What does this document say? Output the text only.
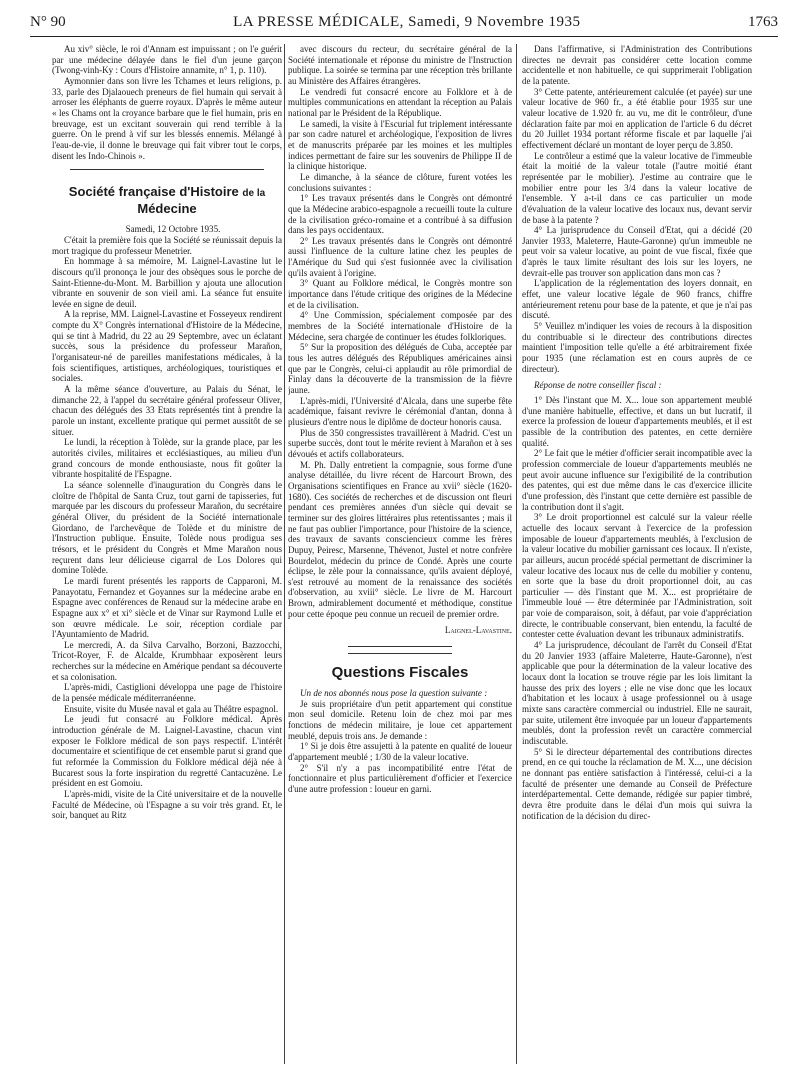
N° 90	LA PRESSE MÉDICALE, Samedi, 9 Novembre 1935	1763

Au xiv° siècle, le roi d'Annam est impuissant ; on l'e guérit par une médecine délayée dans le fiel d'un jeune garçon (Twong-vinh-Ky : Cours d'Histoire annamite, n° 1, p. 110).

Aymonnier dans son livre les Tchames et leurs religions, p. 33, parle des Djalaouech preneurs de fiel humain qui servait à arroser les éléphants de guerre royaux. D'après le même auteur « les Chams ont la croyance barbare que le fiel humain, pris en breuvage, est un excitant souverain qui rend terrible à la guerre. On le prend à vif sur les blessés ennemis. Mélangé à l'eau-de-vie, il donne le breuvage qui fait vibrer tout le corps, disent les Indo-Chinois ».

Société française d'Histoire de la Médecine

Samedi, 12 Octobre 1935.

C'était la première fois que la Société se réunissait depuis la mort tragique du professeur Menetrier.

En hommage à sa mémoire, M. Laignel-Lavastine lut le discours qu'il prononça le jour des obsèques sous le porche de Saint-Etienne-du-Mont. M. Barbillion y ajouta une allocution vibrante en souvenir de son vieil ami. La séance fut ensuite levée en signe de deuil.

A la reprise, MM. Laignel-Lavastine et Fosseyeux rendirent compte du X° Congrès international d'Histoire de la Médecine, qui se tint à Madrid, du 22 au 29 Septembre, avec un éclatant succès, sous la présidence du professeur Marañon, l'organisateur-né de pareilles manifestations médicales, à la fois scientifiques, artistiques, archéologiques, touristiques et sociales.

A la même séance d'ouverture, au Palais du Sénat, le dimanche 22, à l'appel du secrétaire général professeur Oliver, chacun des délégués des 33 Etats représentés tint à prendre la parole un instant, excellente pratique qui permet aussitôt de se situer.

Le lundi, la réception à Tolède, sur la grande place, par les autorités civiles, militaires et ecclésiastiques, au milieu d'un grand concours de monde enthousiaste, nous fit goûter la vibrante hospitalité de l'Espagne.

La séance solennelle d'inauguration du Congrès dans le cloître de l'hôpital de Santa Cruz, tout garni de tapisseries, fut marquée par les discours du professeur Marañon, du secrétaire général Oliver, du président de la Société internationale Giordano, de l'archevêque de Tolède et du ministre de l'Instruction publique. Ensuite, Tolède nous prodigua ses trésors, et le président du Congrès et Mme Marañon nous reçurent dans leur délicieuse cigarral de Los Dolores qui domine Tolède.

Le mardi furent présentés les rapports de Capparoni, M. Panayotatu, Fernandez et Goyannes sur la médecine arabe en Espagne avec conférences de Renaud sur la médecine arabe en Espagne aux x° et xi° siècle et de Vinar sur Raymond Lulle et son œuvre médicale. Le soir, réception cordiale par l'Ayuntamiento de Madrid.

Le mercredi, A. da Silva Carvalho, Borzoni, Bazzocchi, Tricot-Royer, F. de Alcalde, Krumbhaar exposèrent leurs recherches sur la médecine en Amérique pendant sa découverte et sa colonisation.

L'après-midi, Castiglioni développa une page de l'histoire de la pensée médicale méditerranéenne.

Ensuite, visite du Musée naval et gala au Théâtre espagnol.

Le jeudi fut consacré au Folklore médical. Après introduction générale de M. Laignel-Lavastine, chacun vint exposer le Folklore médical de son pays respectif. L'intérêt documentaire et scientifique de cet ensemble parut si grand que fut reformée la Commission du Folklore médical déjà née à Bucarest sous la forte inspiration du regretté Cantacuzène. Le président en est Gomoiu.

L'après-midi, visite de la Cité universitaire et de la nouvelle Faculté de Médecine, où l'Espagne a su voir très grand. Et, le soir, banquet au Ritz

avec discours du recteur, du secrétaire général de la Société internationale et réponse du ministre de l'Instruction publique. La soirée se termina par une réception très brillante au Ministère des Affaires étrangères.

Le vendredi fut consacré encore au Folklore et à de multiples communications en attendant la réception au Palais national par le Président de la République.

Le samedi, la visite à l'Escurial fut triplement intéressante par son cadre naturel et archéologique, l'exposition de livres et de manuscrits préparée par les moines et les multiples indices permettant de faire sur les souvenirs de Philippe II de la clinique historique.

Le dimanche, à la séance de clôture, furent votées les conclusions suivantes :

1° Les travaux présentés dans le Congrès ont démontré que la Médecine arabico-espagnole a recueilli toute la culture de la civilisation gréco-romaine et a contribué à sa diffusion dans les pays occidentaux.

2° Les travaux présentés dans le Congrès ont démontré aussi l'influence de la culture latine chez les peuples de l'Amérique du Sud qui s'est fusionnée avec la civilisation qu'ils avaient à l'origine.

3° Quant au Folklore médical, le Congrès montre son importance dans l'étude critique des origines de la Médecine et de la civilisation.

4° Une Commission, spécialement composée par des membres de la Société internationale d'Histoire de la Médecine, sera chargée de continuer les études folkloriques.

5° Sur la proposition des délégués de Cuba, acceptée par tous les autres délégués des Républiques américaines ainsi que par le Congrès, celui-ci applaudit au rôle primordial de Finlay dans la découverte de la transmission de la fièvre jaune.

L'après-midi, l'Université d'Alcala, dans une superbe fête académique, faisant revivre le cérémonial d'antan, donna à plusieurs d'entre nous le diplôme de docteur honoris causa.

Plus de 350 congressistes travaillèrent à Madrid. C'est un superbe succès, dont tout le mérite revient à Marañon et à ses dévoués et actifs collaborateurs.

M. Ph. Dally entretient la compagnie, sous forme d'une analyse détaillée, du livre récent de Harcourt Brown, des Organisations scientifiques en France au xvii° siècle (1620-1680). Ces sociétés de recherches et de discussion ont fleuri pendant ces premières années d'un siècle qui devait se terminer sur des gloires littéraires plus retentissantes ; mais il ne faut pas oublier l'importance, pour l'histoire de la science, des travaux de savants consciencieux comme les frères Dupuy, Peiresc, Marsenne, Thévenot, Justel et notre confrère Bourdelot, médecin du prince de Condé. Après une courte éclipse, le zèle pour la connaissance, qu'ils avaient déployé, s'est retrouvé au moment de la renaissance des sociétés d'observation, au xviii° siècle. Le livre de M. Harcourt Brown, admirablement documenté et méthodique, constitue pour cette époque peu connue un recueil de premier ordre.

Laignel-Lavastine.

Questions Fiscales

Un de nos abonnés nous pose la question suivante :

Je suis propriétaire d'un petit appartement qui constitue mon seul domicile. Retenu loin de chez moi par mes fonctions de médecin militaire, je loue cet appartement meublé, depuis trois ans. Je demande :

1° Si je dois être assujetti à la patente en qualité de loueur d'appartement meublé ; 1/30 de la valeur locative.

2° S'il n'y a pas incompatibilité entre l'état de fonctionnaire et plus particulièrement d'officier et l'exercice d'une autre profession : loueur en garni.

Dans l'affirmative, si l'Administration des Contributions directes ne devrait pas considérer cette location comme accidentelle et non habituelle, ce qui supprimerait l'obligation de la patente.

3° Cette patente, antérieurement calculée (et payée) sur une valeur locative de 960 fr., a été établie pour 1935 sur une valeur locative de 1.920 fr. au vu, me dit le contrôleur, d'une déclaration faite par moi en application de l'article 6 du décret du 20 Juillet 1934 portant réforme fiscale et par laquelle j'ai effectivement déclaré un montant de loyer perçu de 3.850.

Le contrôleur a estimé que la valeur locative de l'immeuble était la moitié de la valeur totale (l'autre moitié étant représentée par le mobilier). J'estime au contraire que le mobilier entre pour les 3/4 dans la valeur locative de l'ensemble. Y a-t-il dans ce cas particulier un mode d'évaluation de la valeur locative des locaux nus, devant servir de base à la patente ?

4° La jurisprudence du Conseil d'Etat, qui a décidé (20 Janvier 1933, Maleterre, Haute-Garonne) qu'un immeuble ne peut voir sa valeur locative, au point de vue fiscal, fixée que d'après le taux limite résultant des lois sur les loyers, ne devrait-elle pas trouver son application dans mon cas ?

L'application de la réglementation des loyers donnait, en effet, une valeur locative légale de 960 francs, chiffre antérieurement retenu pour base de la patente, et que je n'ai pas discuté.

5° Veuillez m'indiquer les voies de recours à la disposition du contribuable si le directeur des contributions directes maintient l'imposition telle qu'elle a été arbitrairement fixée pour 1935 (une réclamation est en cours auprès de ce directeur).

Réponse de notre conseiller fiscal :

1° Dès l'instant que M. X... loue son appartement meublé d'une manière habituelle, effective, et dans un but lucratif, il exerce la profession de loueur d'appartements meublés, et il est passible de la contribution des patentes, en cette dernière qualité.

2° Le fait que le métier d'officier serait incompatible avec la profession commerciale de loueur d'appartements meublés ne peut avoir aucune influence sur l'exigibilité de la contribution des patentes, qui est due même dans le cas d'exercice illicite d'une profession, dès l'instant que cette dernière est passible de la contribution dont il s'agit.

3° Le droit proportionnel est calculé sur la valeur réelle actuelle des locaux servant à l'exercice de la profession imposable de loueur d'appartements meublés, à l'exclusion de la valeur locative du mobilier garnissant ces locaux. Il n'existe, par ailleurs, aucun procédé spécial permettant de discriminer la valeur locative des locaux nus de celle du mobilier y contenu, en sorte que la base du droit proportionnel doit, au cas particulier — dès l'instant que M. X... est propriétaire de l'immeuble loué — être déterminée par l'Administration, soit par voie de comparaison, soit, à défaut, par voie d'appréciation directe, le contribuable conservant, bien entendu, la faculté de contester cette évaluation devant les tribunaux administratifs.

4° La jurisprudence, découlant de l'arrêt du Conseil d'Etat du 20 Janvier 1933 (affaire Maleterre, Haute-Garonne), n'est applicable que pour la détermination de la valeur locative des locaux dont la location se trouve régie par les lois limitant la hausse des prix des loyers ; elle ne vise donc que les locaux d'habitation et les locaux à usage professionnel ou à usage mixte sans caractère commercial ou industriel. Elle ne saurait, par suite, utilement être invoquée par un loueur d'appartements meublés, dont la profession revêt un caractère commercial indiscutable.

5° Si le directeur départemental des contributions directes prend, en ce qui touche la réclamation de M. X..., une décision ne donnant pas entière satisfaction à l'intéressé, celui-ci a la faculté de présenter une demande au Conseil de Préfecture interdépartemental. Cette demande, rédigée sur papier timbré, devra être produite dans le délai d'un mois qui suivra la notification de la décision du direc-
